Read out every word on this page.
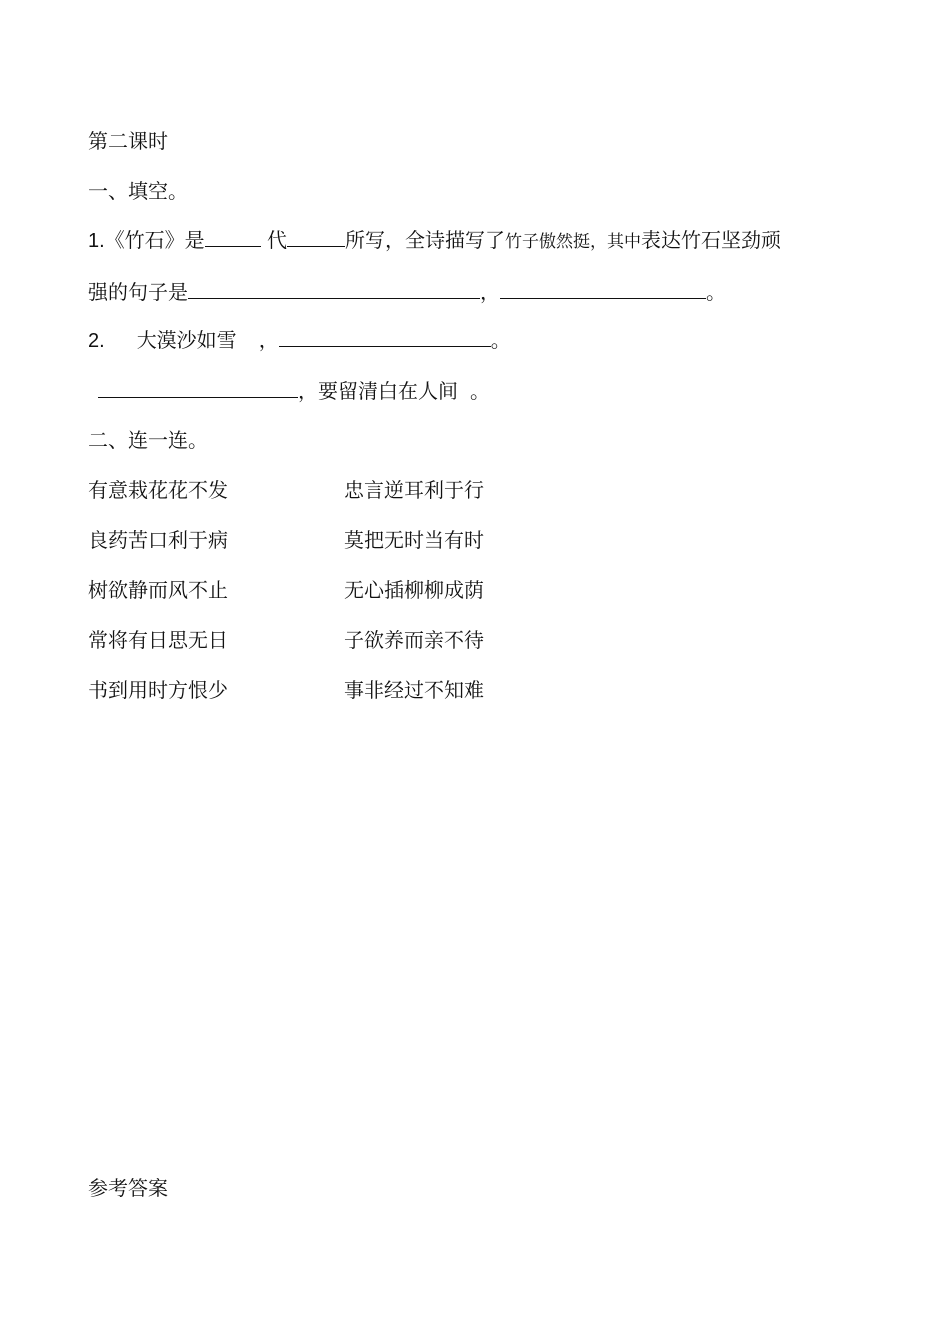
第二课时
一、填空。
1.《竹石》是	代	所写，全诗描写了竹子傲然挺，其中表达竹石坚劲顽
强的句子是	，	。
2. 大漠沙如雪 ，	。
，要留清白在人间 。
二、连一连。
有意栽花花不发	忠言逆耳利于行
良药苦口利于病	莫把无时当有时
树欲静而风不止	无心插柳柳成荫
常将有日思无日	子欲养而亲不待
书到用时方恨少	事非经过不知难
参考答案
